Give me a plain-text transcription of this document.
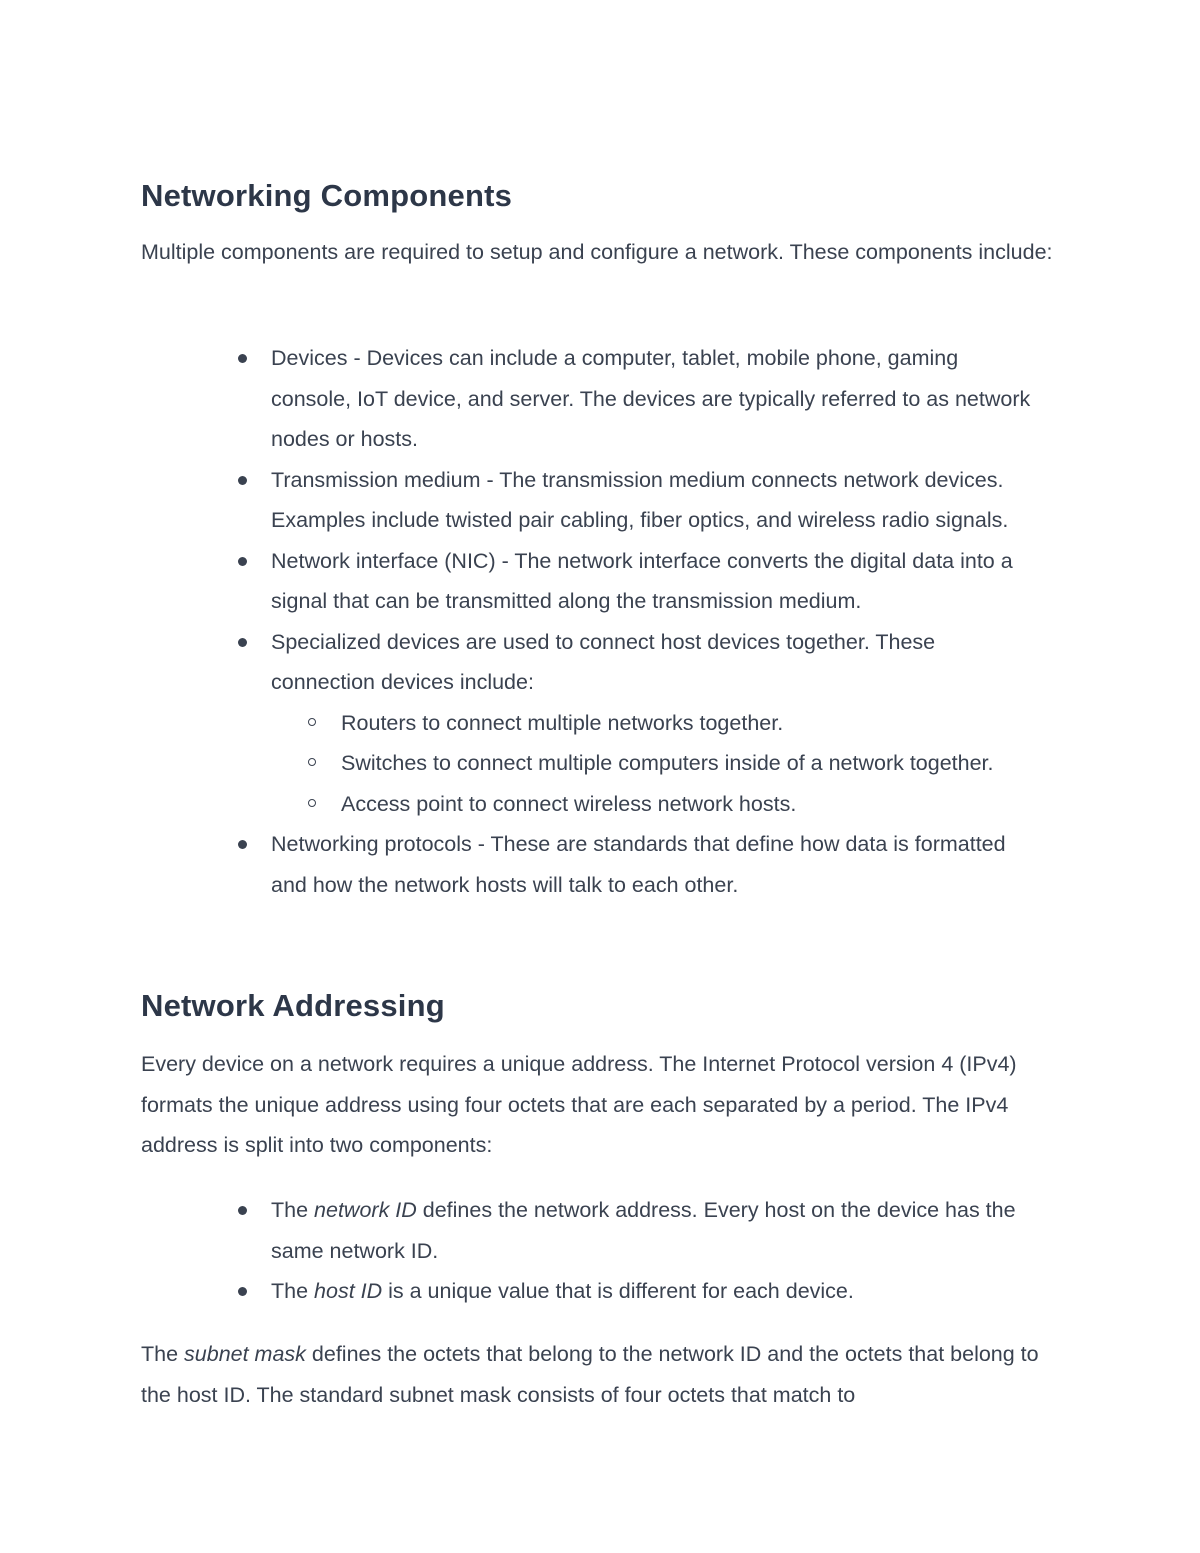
Networking Components

Multiple components are required to setup and configure a network. These components include:

Devices - Devices can include a computer, tablet, mobile phone, gaming console, IoT device, and server. The devices are typically referred to as network nodes or hosts.
Transmission medium - The transmission medium connects network devices. Examples include twisted pair cabling, fiber optics, and wireless radio signals.
Network interface (NIC) - The network interface converts the digital data into a signal that can be transmitted along the transmission medium.
Specialized devices are used to connect host devices together. These connection devices include:
Routers to connect multiple networks together.
Switches to connect multiple computers inside of a network together.
Access point to connect wireless network hosts.
Networking protocols - These are standards that define how data is formatted and how the network hosts will talk to each other.
Network Addressing

Every device on a network requires a unique address. The Internet Protocol version 4 (IPv4) formats the unique address using four octets that are each separated by a period. The IPv4 address is split into two components:

The network ID defines the network address. Every host on the device has the same network ID.
The host ID is a unique value that is different for each device.

The subnet mask defines the octets that belong to the network ID and the octets that belong to the host ID. The standard subnet mask consists of four octets that match to
